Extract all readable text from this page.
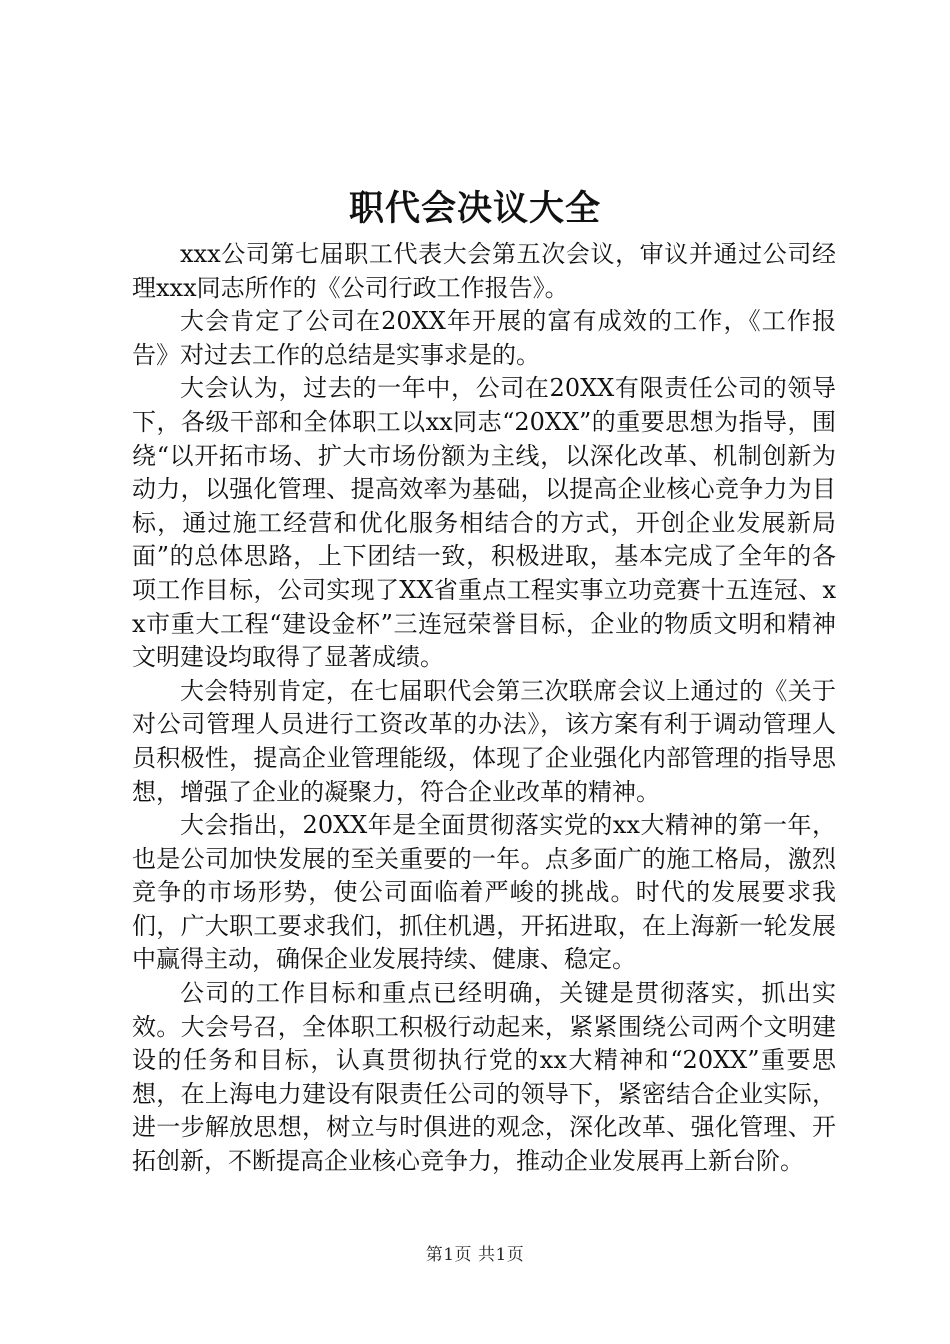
职代会决议大全

xxx公司第七届职工代表大会第五次会议，审议并通过公司经理xxx同志所作的《公司行政工作报告》。

大会肯定了公司在20XX年开展的富有成效的工作，《工作报告》对过去工作的总结是实事求是的。

大会认为，过去的一年中，公司在20XX有限责任公司的领导下，各级干部和全体职工以xx同志“20XX”的重要思想为指导，围绕“以开拓市场、扩大市场份额为主线，以深化改革、机制创新为动力，以强化管理、提高效率为基础，以提高企业核心竞争力为目标，通过施工经营和优化服务相结合的方式，开创企业发展新局面”的总体思路，上下团结一致，积极进取，基本完成了全年的各项工作目标，公司实现了XX省重点工程实事立功竞赛十五连冠、xx市重大工程“建设金杯”三连冠荣誉目标，企业的物质文明和精神文明建设均取得了显著成绩。

大会特别肯定，在七届职代会第三次联席会议上通过的《关于对公司管理人员进行工资改革的办法》，该方案有利于调动管理人员积极性，提高企业管理能级，体现了企业强化内部管理的指导思想，增强了企业的凝聚力，符合企业改革的精神。

大会指出，20XX年是全面贯彻落实党的xx大精神的第一年，也是公司加快发展的至关重要的一年。点多面广的施工格局，激烈竞争的市场形势，使公司面临着严峻的挑战。时代的发展要求我们，广大职工要求我们，抓住机遇，开拓进取，在上海新一轮发展中赢得主动，确保企业发展持续、健康、稳定。

公司的工作目标和重点已经明确，关键是贯彻落实，抓出实效。大会号召，全体职工积极行动起来，紧紧围绕公司两个文明建设的任务和目标，认真贯彻执行党的xx大精神和“20XX”重要思想，在上海电力建设有限责任公司的领导下，紧密结合企业实际，进一步解放思想，树立与时俱进的观念，深化改革、强化管理、开拓创新，不断提高企业核心竞争力，推动企业发展再上新台阶。

第1页 共1页
